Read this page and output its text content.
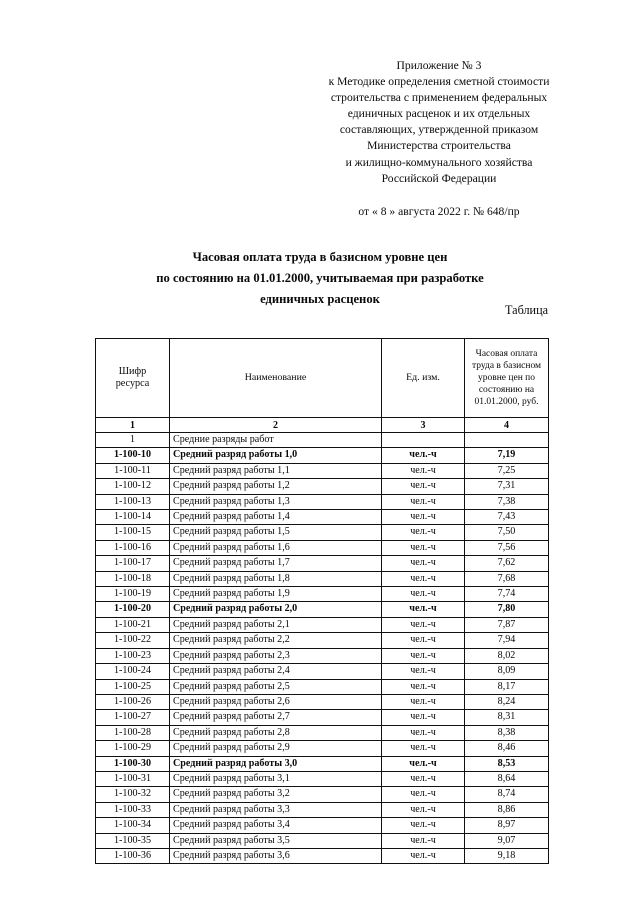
Приложение № 3
к Методике определения сметной стоимости
строительства с применением федеральных
единичных расценок и их отдельных
составляющих, утвержденной приказом
Министерства строительства
и жилищно-коммунального хозяйства
Российской Федерации
от « 8 » августа 2022 г. № 648/пр
Часовая оплата труда в базисном уровне цен
по состоянию на 01.01.2000, учитываемая при разработке
единичных расценок
Таблица
Шифр
ресурса	Наименование	Ед. изм.	Часовая оплата
труда в базисном
уровне цен по
состоянию на
01.01.2000, руб.

1	2	3	4
1	Средние разряды работ		
1-100-10	Средний разряд работы 1,0	чел.-ч	7,19
1-100-11	Средний разряд работы 1,1	чел.-ч	7,25
1-100-12	Средний разряд работы 1,2	чел.-ч	7,31
1-100-13	Средний разряд работы 1,3	чел.-ч	7,38
1-100-14	Средний разряд работы 1,4	чел.-ч	7,43
1-100-15	Средний разряд работы 1,5	чел.-ч	7,50
1-100-16	Средний разряд работы 1,6	чел.-ч	7,56
1-100-17	Средний разряд работы 1,7	чел.-ч	7,62
1-100-18	Средний разряд работы 1,8	чел.-ч	7,68
1-100-19	Средний разряд работы 1,9	чел.-ч	7,74
1-100-20	Средний разряд работы 2,0	чел.-ч	7,80
1-100-21	Средний разряд работы 2,1	чел.-ч	7,87
1-100-22	Средний разряд работы 2,2	чел.-ч	7,94
1-100-23	Средний разряд работы 2,3	чел.-ч	8,02
1-100-24	Средний разряд работы 2,4	чел.-ч	8,09
1-100-25	Средний разряд работы 2,5	чел.-ч	8,17
1-100-26	Средний разряд работы 2,6	чел.-ч	8,24
1-100-27	Средний разряд работы 2,7	чел.-ч	8,31
1-100-28	Средний разряд работы 2,8	чел.-ч	8,38
1-100-29	Средний разряд работы 2,9	чел.-ч	8,46
1-100-30	Средний разряд работы 3,0	чел.-ч	8,53
1-100-31	Средний разряд работы 3,1	чел.-ч	8,64
1-100-32	Средний разряд работы 3,2	чел.-ч	8,74
1-100-33	Средний разряд работы 3,3	чел.-ч	8,86
1-100-34	Средний разряд работы 3,4	чел.-ч	8,97
1-100-35	Средний разряд работы 3,5	чел.-ч	9,07
1-100-36	Средний разряд работы 3,6	чел.-ч	9,18
